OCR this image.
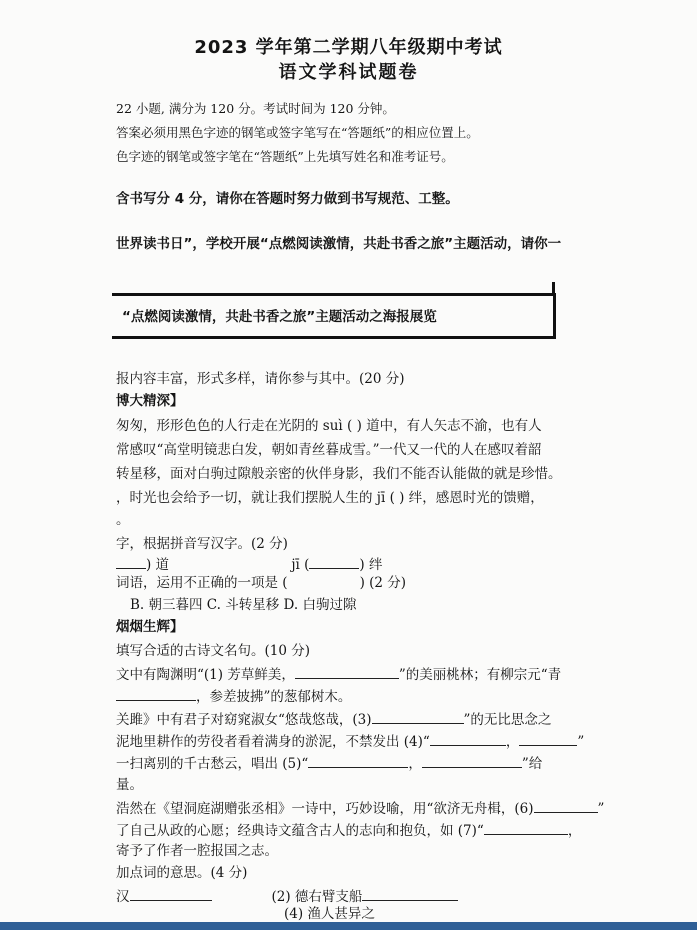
2023 学年第二学期八年级期中考试
语文学科试题卷
22 小题, 满分为 120 分。考试时间为 120 分钟。
答案必须用黑色字迹的钢笔或签字笔写在“答题纸”的相应位置上。
色字迹的钢笔或签字笔在“答题纸”上先填写姓名和准考证号。
含书写分 4 分，请你在答题时努力做到书写规范、工整。
世界读书日”，学校开展“点燃阅读激情，共赴书香之旅”主题活动，请你一
“点燃阅读激情，共赴书香之旅”主题活动之海报展览
报内容丰富，形式多样，请你参与其中。(20 分)
博大精深】
匆匆，形形色色的人行走在光阴的 suì ( ) 道中，有人矢志不渝，也有人
常感叹“高堂明镜悲白发，朝如青丝暮成雪。”一代又一代的人在感叹着韶
转星移，面对白驹过隙般亲密的伙伴身影，我们不能否认能做的就是珍惜。
，时光也会给予一切，就让我们摆脱人生的 jī ( ) 绊，感恩时光的馈赠，
。
字，根据拼音写汉字。(2 分)
) 道	jī (	) 绊
词语，运用不正确的一项是 (	) (2 分)
B. 朝三暮四 C. 斗转星移 D. 白驹过隙
烟烟生辉】
填写合适的古诗文名句。(10 分)
文中有陶渊明“(1) 芳草鲜美，	”的美丽桃林；有柳宗元“青
，参差披拂”的葱郁树木。
关雎》中有君子对窈窕淑女“悠哉悠哉，(3)	”的无比思念之
泥地里耕作的劳役者看着满身的淤泥，不禁发出 (4)“	，	”
一扫离别的千古愁云，唱出 (5)“	，	”给
量。
浩然在《望洞庭湖赠张丞相》一诗中，巧妙设喻，用“欲济无舟楫，(6)	”
了自己从政的心愿；经典诗文蕴含古人的志向和抱负，如 (7)“	，
寄予了作者一腔报国之志。
加点词的意思。(4 分)
汉	(2) 德右臂支船
(4) 渔人甚异之
